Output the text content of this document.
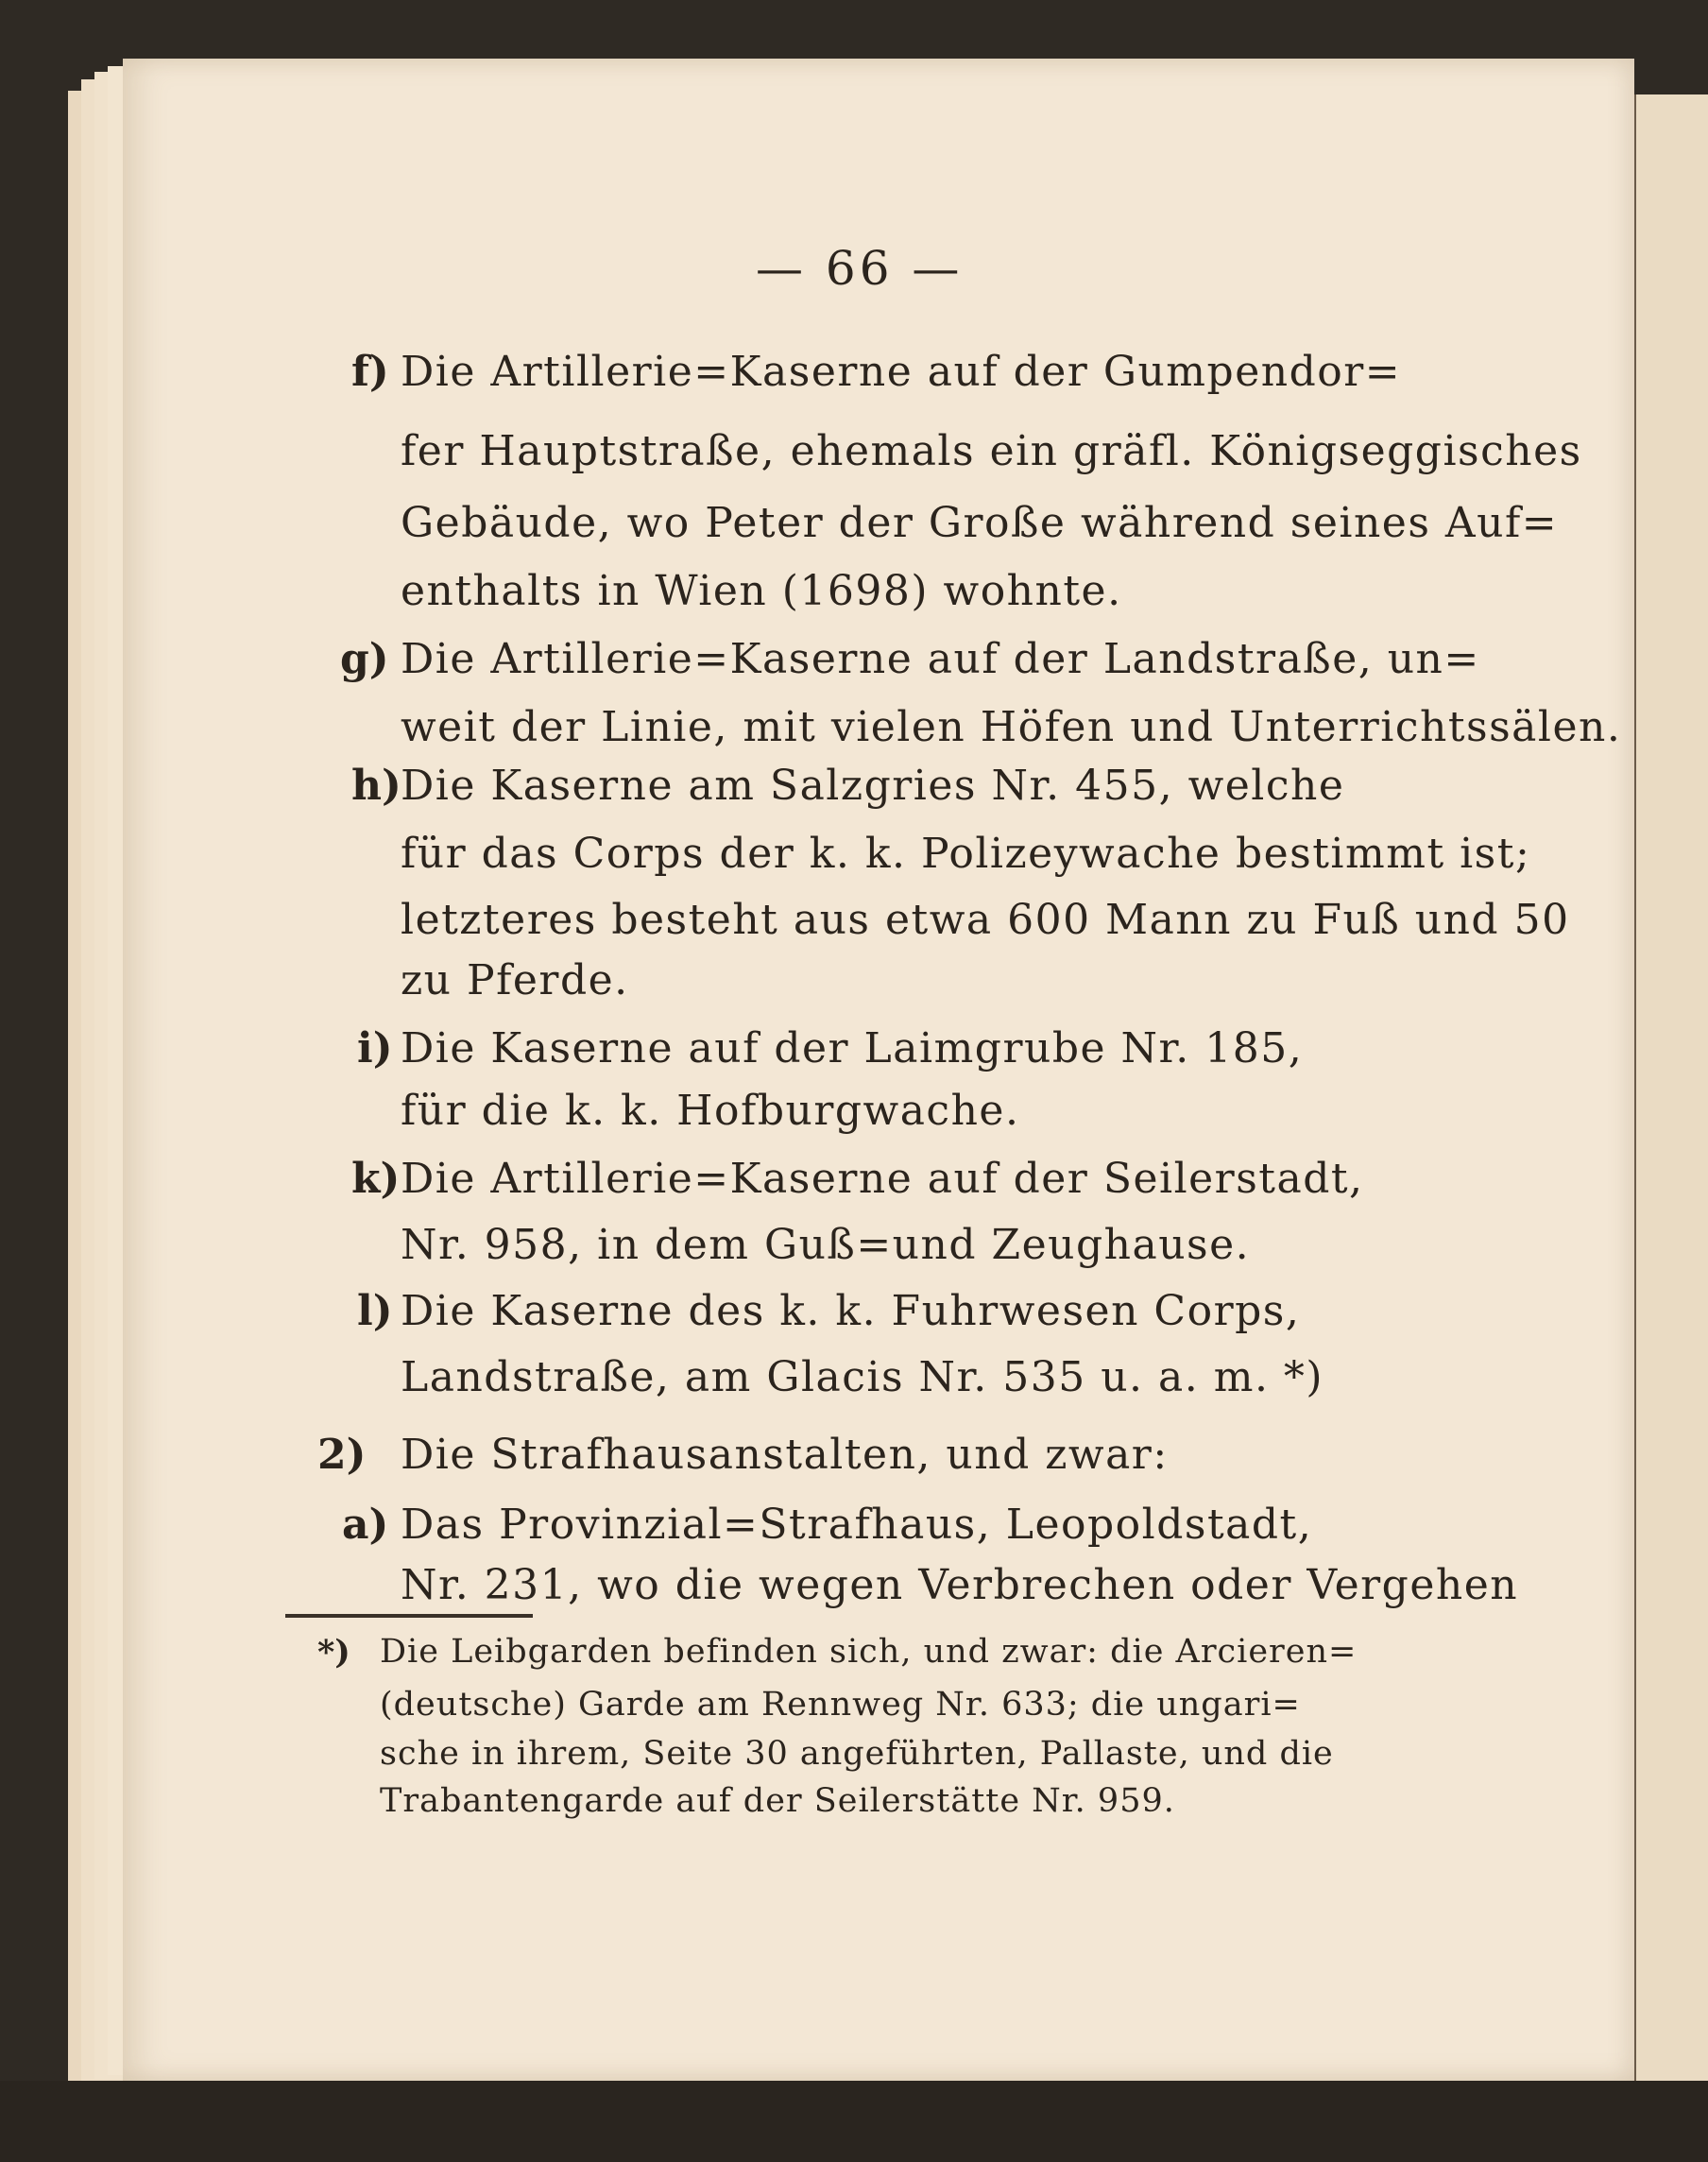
— 66 —
f) Die Artillerie=Kaserne auf der Gumpendor=
fer Hauptstraße, ehemals ein gräfl. Königseggisches
Gebäude, wo Peter der Große während seines Auf=
enthalts in Wien (1698) wohnte.
g) Die Artillerie=Kaserne auf der Landstraße, un=
weit der Linie, mit vielen Höfen und Unterrichtssälen.
h) Die Kaserne am Salzgries Nr. 455, welche
für das Corps der k. k. Polizeywache bestimmt ist;
letzteres besteht aus etwa 600 Mann zu Fuß und 50
zu Pferde.
i) Die Kaserne auf der Laimgrube Nr. 185,
für die k. k. Hofburgwache.
k) Die Artillerie=Kaserne auf der Seilerstadt,
Nr. 958, in dem Guß=und Zeughause.
l) Die Kaserne des k. k. Fuhrwesen Corps,
Landstraße, am Glacis Nr. 535 u. a. m. *)
2) Die Strafhausanstalten, und zwar:
a) Das Provinzial=Strafhaus, Leopoldstadt,
Nr. 231, wo die wegen Verbrechen oder Vergehen
*) Die Leibgarden befinden sich, und zwar: die Arcieren=
(deutsche) Garde am Rennweg Nr. 633; die ungari=
sche in ihrem, Seite 30 angeführten, Pallaste, und die
Trabantengarde auf der Seilerstätte Nr. 959.
